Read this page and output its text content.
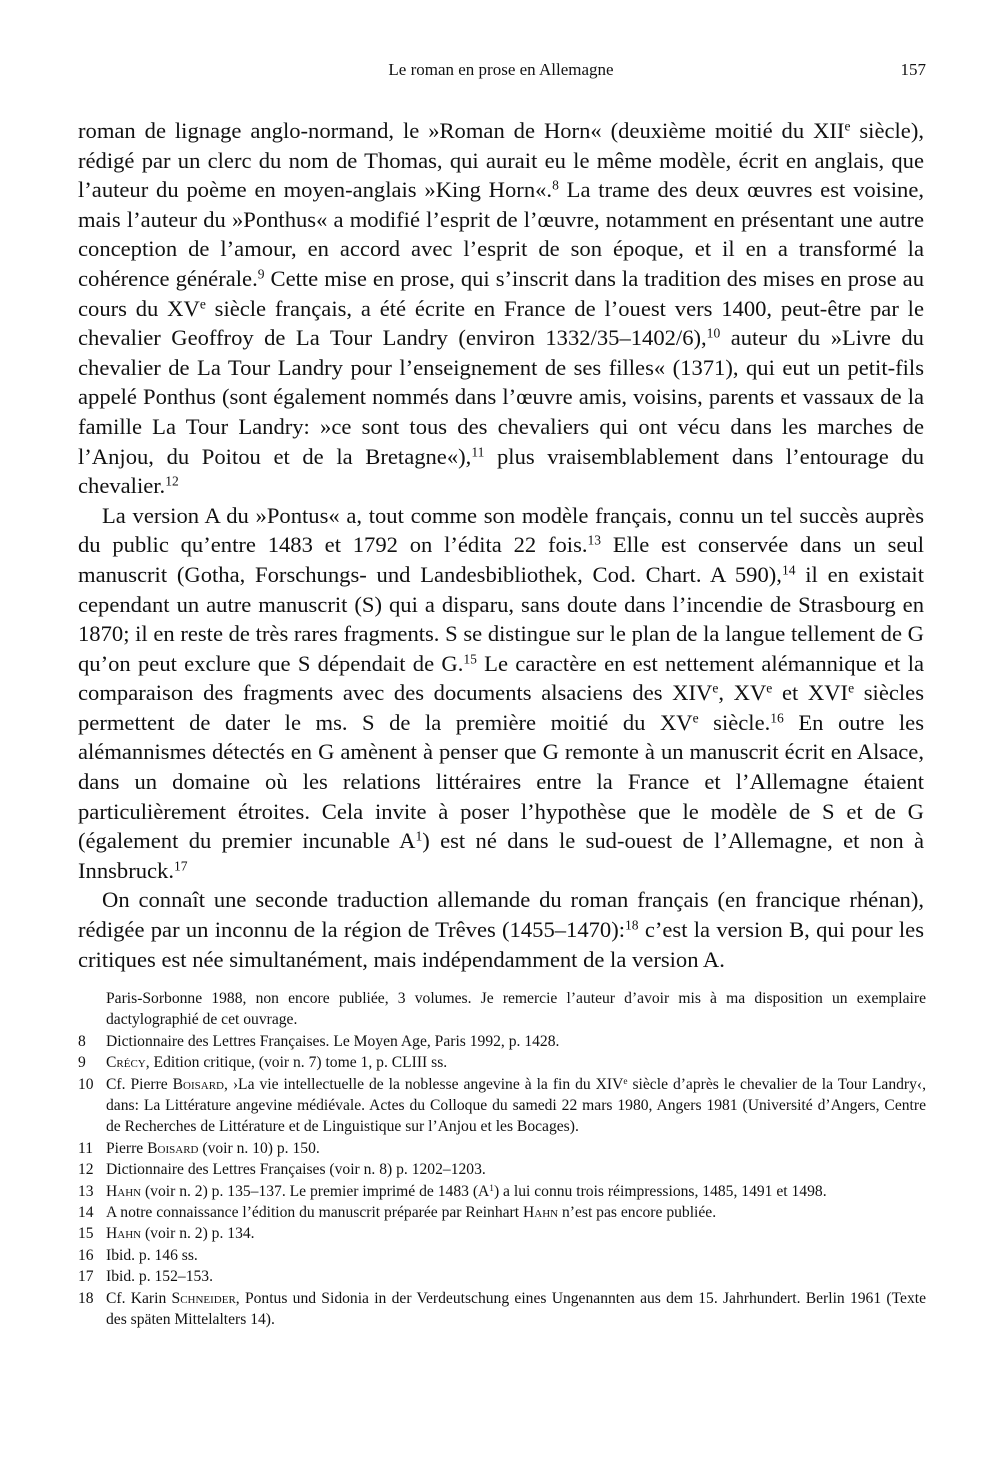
Le roman en prose en Allemagne	157

roman de lignage anglo-normand, le »Roman de Horn« (deuxième moitié du XIIe siècle), rédigé par un clerc du nom de Thomas, qui aurait eu le même modèle, écrit en anglais, que l’auteur du poème en moyen-anglais »King Horn«.$^8$ La trame des deux œuvres est voisine, mais l’auteur du »Ponthus« a modifié l’esprit de l’œuvre, notamment en présentant une autre conception de l’amour, en accord avec l’esprit de son époque, et il en a transformé la cohérence générale.$^9$ Cette mise en prose, qui s’inscrit dans la tradition des mises en prose au cours du XVe siècle français, a été écrite en France de l’ouest vers 1400, peut-être par le chevalier Geoffroy de La Tour Landry (environ 1332/35–1402/6),$^{10}$ auteur du »Livre du chevalier de La Tour Landry pour l’enseignement de ses filles« (1371), qui eut un petit-fils appelé Ponthus (sont également nommés dans l’œuvre amis, voisins, parents et vassaux de la famille La Tour Landry: »ce sont tous des chevaliers qui ont vécu dans les marches de l’Anjou, du Poitou et de la Bretagne«),$^{11}$ plus vraisemblablement dans l’entourage du chevalier.$^{12}$

La version A du »Pontus« a, tout comme son modèle français, connu un tel succès auprès du public qu’entre 1483 et 1792 on l’édita 22 fois.$^{13}$ Elle est conservée dans un seul manuscrit (Gotha, Forschungs- und Landesbibliothek, Cod. Chart. A 590),$^{14}$ il en existait cependant un autre manuscrit (S) qui a disparu, sans doute dans l’incendie de Strasbourg en 1870; il en reste de très rares fragments. S se distingue sur le plan de la langue tellement de G qu’on peut exclure que S dépendait de G.$^{15}$ Le caractère en est nettement alémannique et la comparaison des fragments avec des documents alsaciens des XIVe, XVe et XVIe siècles permettent de dater le ms. S de la première moitié du XVe siècle.$^{16}$ En outre les alémannismes détectés en G amènent à penser que G remonte à un manuscrit écrit en Alsace, dans un domaine où les relations littéraires entre la France et l’Allemagne étaient particulièrement étroites. Cela invite à poser l’hypothèse que le modèle de S et de G (également du premier incunable $A^1$) est né dans le sud-ouest de l’Allemagne, et non à Innsbruck.$^{17}$

On connaît une seconde traduction allemande du roman français (en francique rhénan), rédigée par un inconnu de la région de Trêves (1455–1470):$^{18}$ c’est la version B, qui pour les critiques est née simultanément, mais indépendamment de la version A.

Paris-Sorbonne 1988, non encore publiée, 3 volumes. Je remercie l’auteur d’avoir mis à ma disposition un exemplaire dactylographié de cet ouvrage.
8	Dictionnaire des Lettres Françaises. Le Moyen Age, Paris 1992, p. 1428.
9	Crécy, Edition critique, (voir n. 7) tome 1, p. CLIII ss.
10 Cf. Pierre Boisard, ›La vie intellectuelle de la noblesse angevine à la fin du XIVe siècle d’après le chevalier de la Tour Landry‹, dans: La Littérature angevine médiévale. Actes du Colloque du samedi 22 mars 1980, Angers 1981 (Université d’Angers, Centre de Recherches de Littérature et de Linguistique sur l’Anjou et les Bocages).
11 Pierre Boisard (voir n. 10) p. 150.
12 Dictionnaire des Lettres Françaises (voir n. 8) p. 1202–1203.
13 Hahn (voir n. 2) p. 135–137. Le premier imprimé de 1483 $(A^1)$ a lui connu trois réimpressions, 1485, 1491 et 1498.
14 A notre connaissance l’édition du manuscrit préparée par Reinhart Hahn n’est pas encore publiée.
15 Hahn (voir n. 2) p. 134.
16 Ibid. p. 146 ss.
17 Ibid. p. 152–153.
18 Cf. Karin Schneider, Pontus und Sidonia in der Verdeutschung eines Ungenannten aus dem 15. Jahrhundert. Berlin 1961 (Texte des späten Mittelalters 14).
